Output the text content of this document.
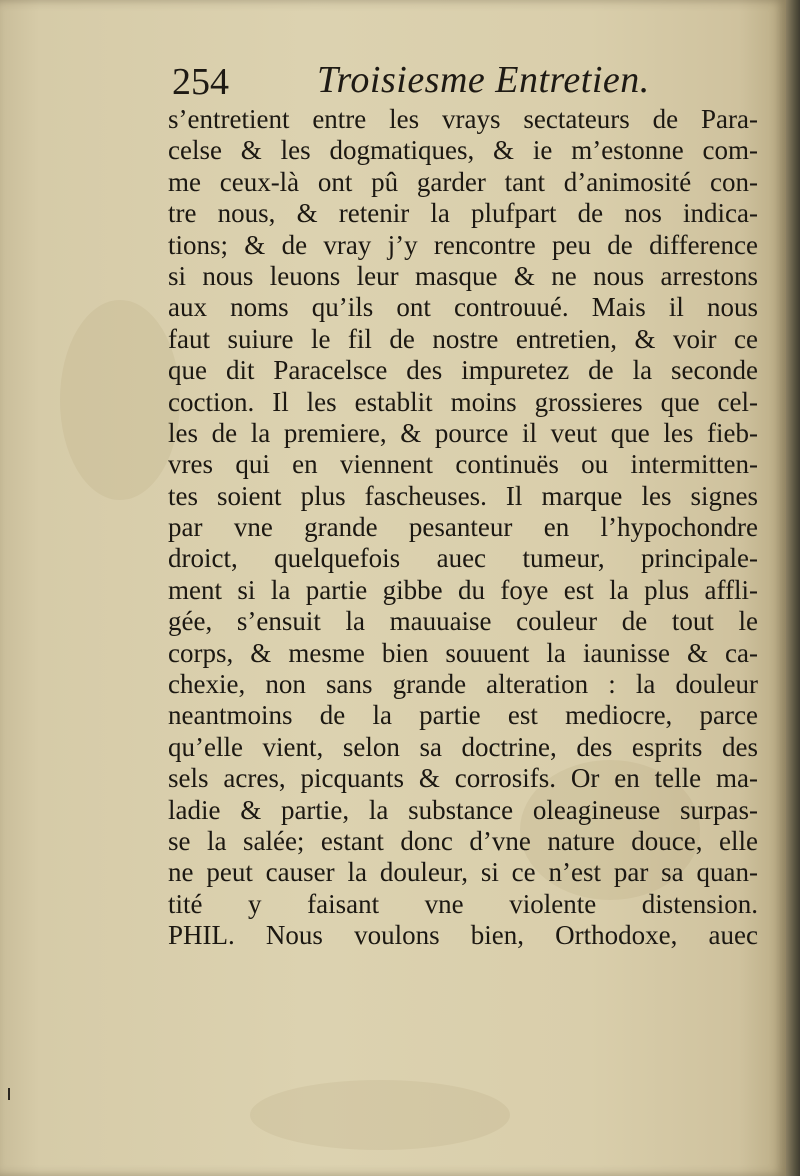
254 Troisiesme Entretien.
s’entretient entre les vrays sectateurs de Para-
celse & les dogmatiques, & ie m’estonne com-
me ceux-là ont pû garder tant d’animosité con-
tre nous, & retenir la plufpart de nos indica-
tions; & de vray j’y rencontre peu de difference
si nous leuons leur masque & ne nous arrestons
aux noms qu’ils ont controuué. Mais il nous
faut suiure le fil de nostre entretien, & voir ce
que dit Paracelsce des impuretez de la seconde
coction. Il les establit moins grossieres que cel-
les de la premiere, & pource il veut que les fieb-
vres qui en viennent continuës ou intermitten-
tes soient plus fascheuses. Il marque les signes
par vne grande pesanteur en l’hypochondre
droict, quelquefois auec tumeur, principale-
ment si la partie gibbe du foye est la plus affli-
gée, s’ensuit la mauuaise couleur de tout le
corps, & mesme bien souuent la iaunisse & ca-
chexie, non sans grande alteration : la douleur
neantmoins de la partie est mediocre, parce
qu’elle vient, selon sa doctrine, des esprits des
sels acres, picquants & corrosifs. Or en telle ma-
ladie & partie, la substance oleagineuse surpas-
se la salée; estant donc d’vne nature douce, elle
ne peut causer la douleur, si ce n’est par sa quan-
tité y faisant vne violente distension.
PHIL. Nous voulons bien, Orthodoxe, auec
